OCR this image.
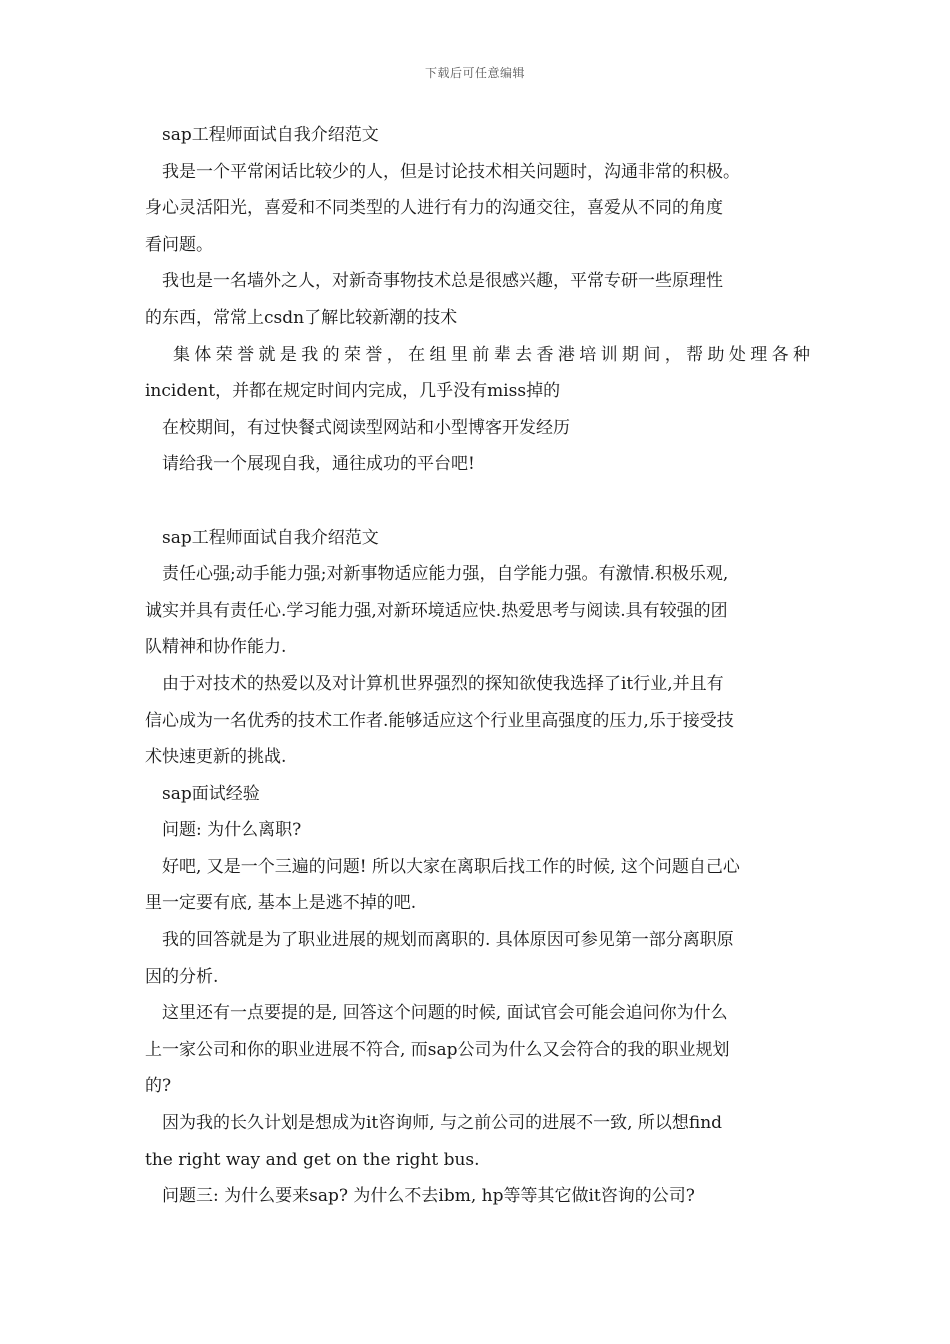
下载后可任意编辑
sap工程师面试自我介绍范文
我是一个平常闲话比较少的人，但是讨论技术相关问题时，沟通非常的积极。
身心灵活阳光，喜爱和不同类型的人进行有力的沟通交往，喜爱从不同的角度
看问题。
我也是一名墙外之人，对新奇事物技术总是很感兴趣，平常专研一些原理性
的东西，常常上csdn了解比较新潮的技术
集体荣誉就是我的荣誉，在组里前辈去香港培训期间，帮助处理各种
incident，并都在规定时间内完成，几乎没有miss掉的
在校期间，有过快餐式阅读型网站和小型博客开发经历
请给我一个展现自我，通往成功的平台吧!
sap工程师面试自我介绍范文
责任心强;动手能力强;对新事物适应能力强，自学能力强。有激情.积极乐观,
诚实并具有责任心.学习能力强,对新环境适应快.热爱思考与阅读.具有较强的团
队精神和协作能力.
由于对技术的热爱以及对计算机世界强烈的探知欲使我选择了it行业,并且有
信心成为一名优秀的技术工作者.能够适应这个行业里高强度的压力,乐于接受技
术快速更新的挑战.
sap面试经验
问题: 为什么离职?
好吧, 又是一个三遍的问题! 所以大家在离职后找工作的时候, 这个问题自己心
里一定要有底, 基本上是逃不掉的吧.
我的回答就是为了职业进展的规划而离职的. 具体原因可参见第一部分离职原
因的分析.
这里还有一点要提的是, 回答这个问题的时候, 面试官会可能会追问你为什么
上一家公司和你的职业进展不符合, 而sap公司为什么又会符合的我的职业规划
的?
因为我的长久计划是想成为it咨询师, 与之前公司的进展不一致, 所以想find
the right way and get on the right bus.
问题三: 为什么要来sap? 为什么不去ibm, hp等等其它做it咨询的公司?
